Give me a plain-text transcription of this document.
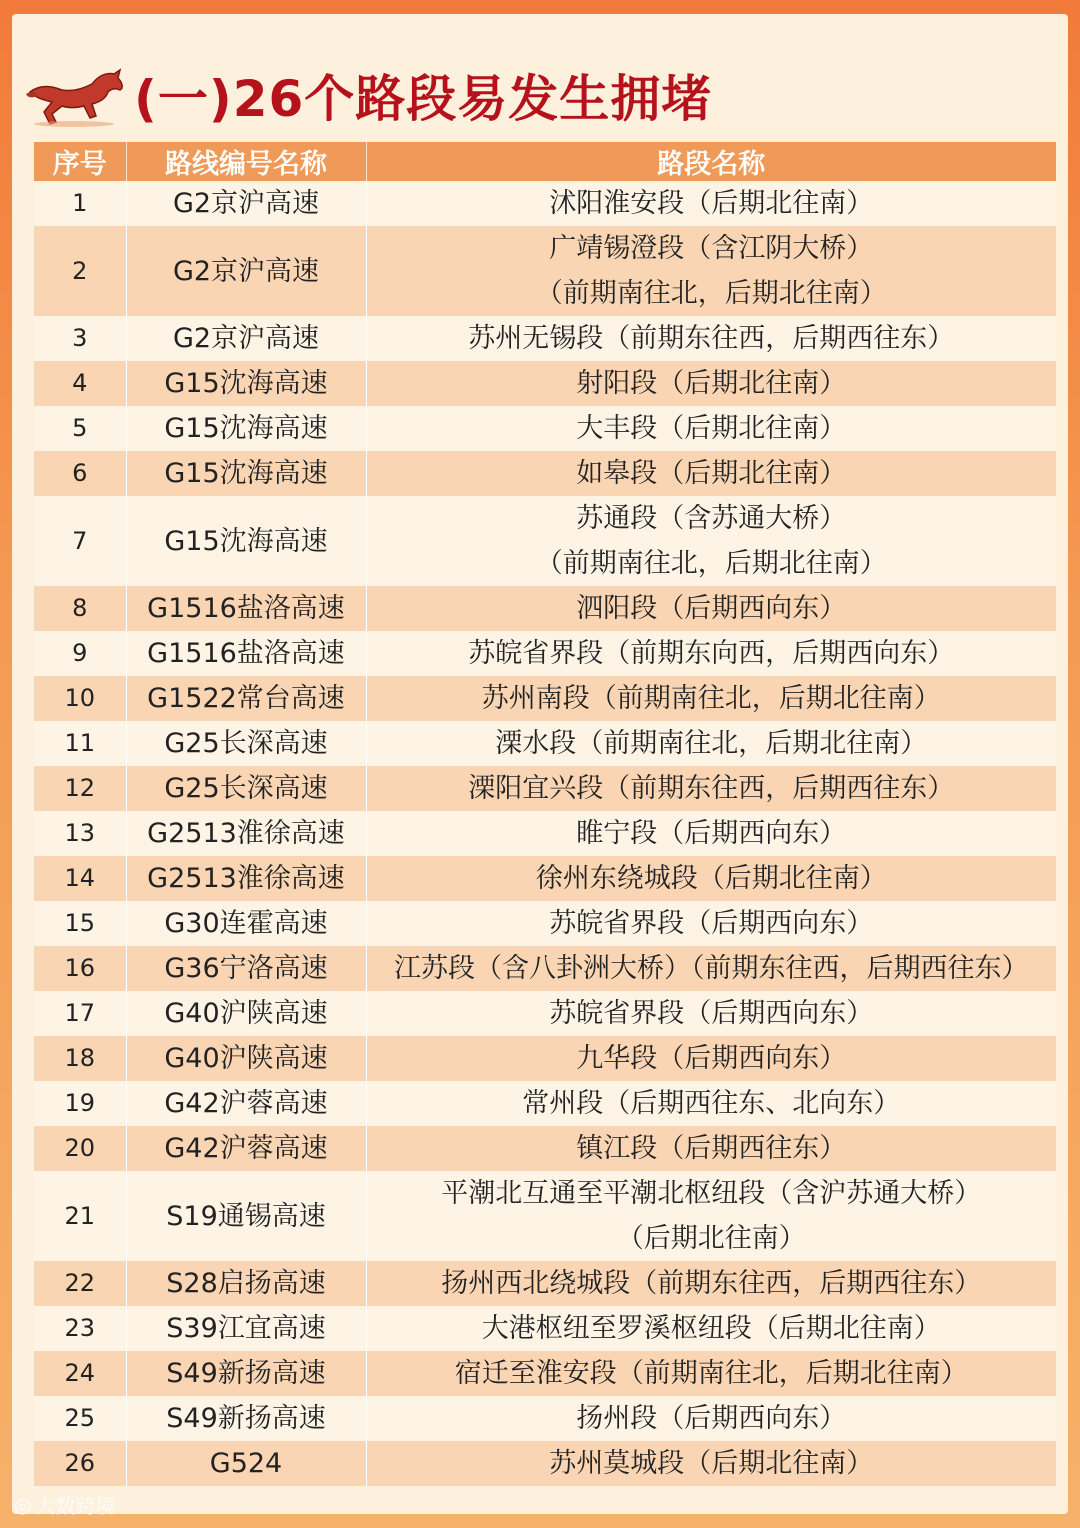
(一)26个路段易发生拥堵
序号	路线编号名称	路段名称
1	G2京沪高速	沭阳淮安段（后期北往南）

2	G2京沪高速	广靖锡澄段（含江阴大桥）
（前期南往北，后期北往南）

3	G2京沪高速	苏州无锡段（前期东往西，后期西往东）

4	G15沈海高速	射阳段（后期北往南）

5	G15沈海高速	大丰段（后期北往南）

6	G15沈海高速	如皋段（后期北往南）

7	G15沈海高速	苏通段（含苏通大桥）
（前期南往北，后期北往南）

8	G1516盐洛高速	泗阳段（后期西向东）

9	G1516盐洛高速	苏皖省界段（前期东向西，后期西向东）

10	G1522常台高速	苏州南段（前期南往北，后期北往南）

11	G25长深高速	溧水段（前期南往北，后期北往南）

12	G25长深高速	溧阳宜兴段（前期东往西，后期西往东）

13	G2513淮徐高速	睢宁段（后期西向东）

14	G2513淮徐高速	徐州东绕城段（后期北往南）

15	G30连霍高速	苏皖省界段（后期西向东）

16	G36宁洛高速	江苏段（含八卦洲大桥）（前期东往西，后期西往东）

17	G40沪陕高速	苏皖省界段（后期西向东）

18	G40沪陕高速	九华段（后期西向东）

19	G42沪蓉高速	常州段（后期西往东、北向东）

20	G42沪蓉高速	镇江段（后期西往东）

21	S19通锡高速	平潮北互通至平潮北枢纽段（含沪苏通大桥）
（后期北往南）

22	S28启扬高速	扬州西北绕城段（前期东往西，后期西往东）

23	S39江宜高速	大港枢纽至罗溪枢纽段（后期北往南）

24	S49新扬高速	宿迁至淮安段（前期南往北，后期北往南）

25	S49新扬高速	扬州段（后期西向东）

26	G524	苏州莫城段（后期北往南）
◎ 大数跨境
